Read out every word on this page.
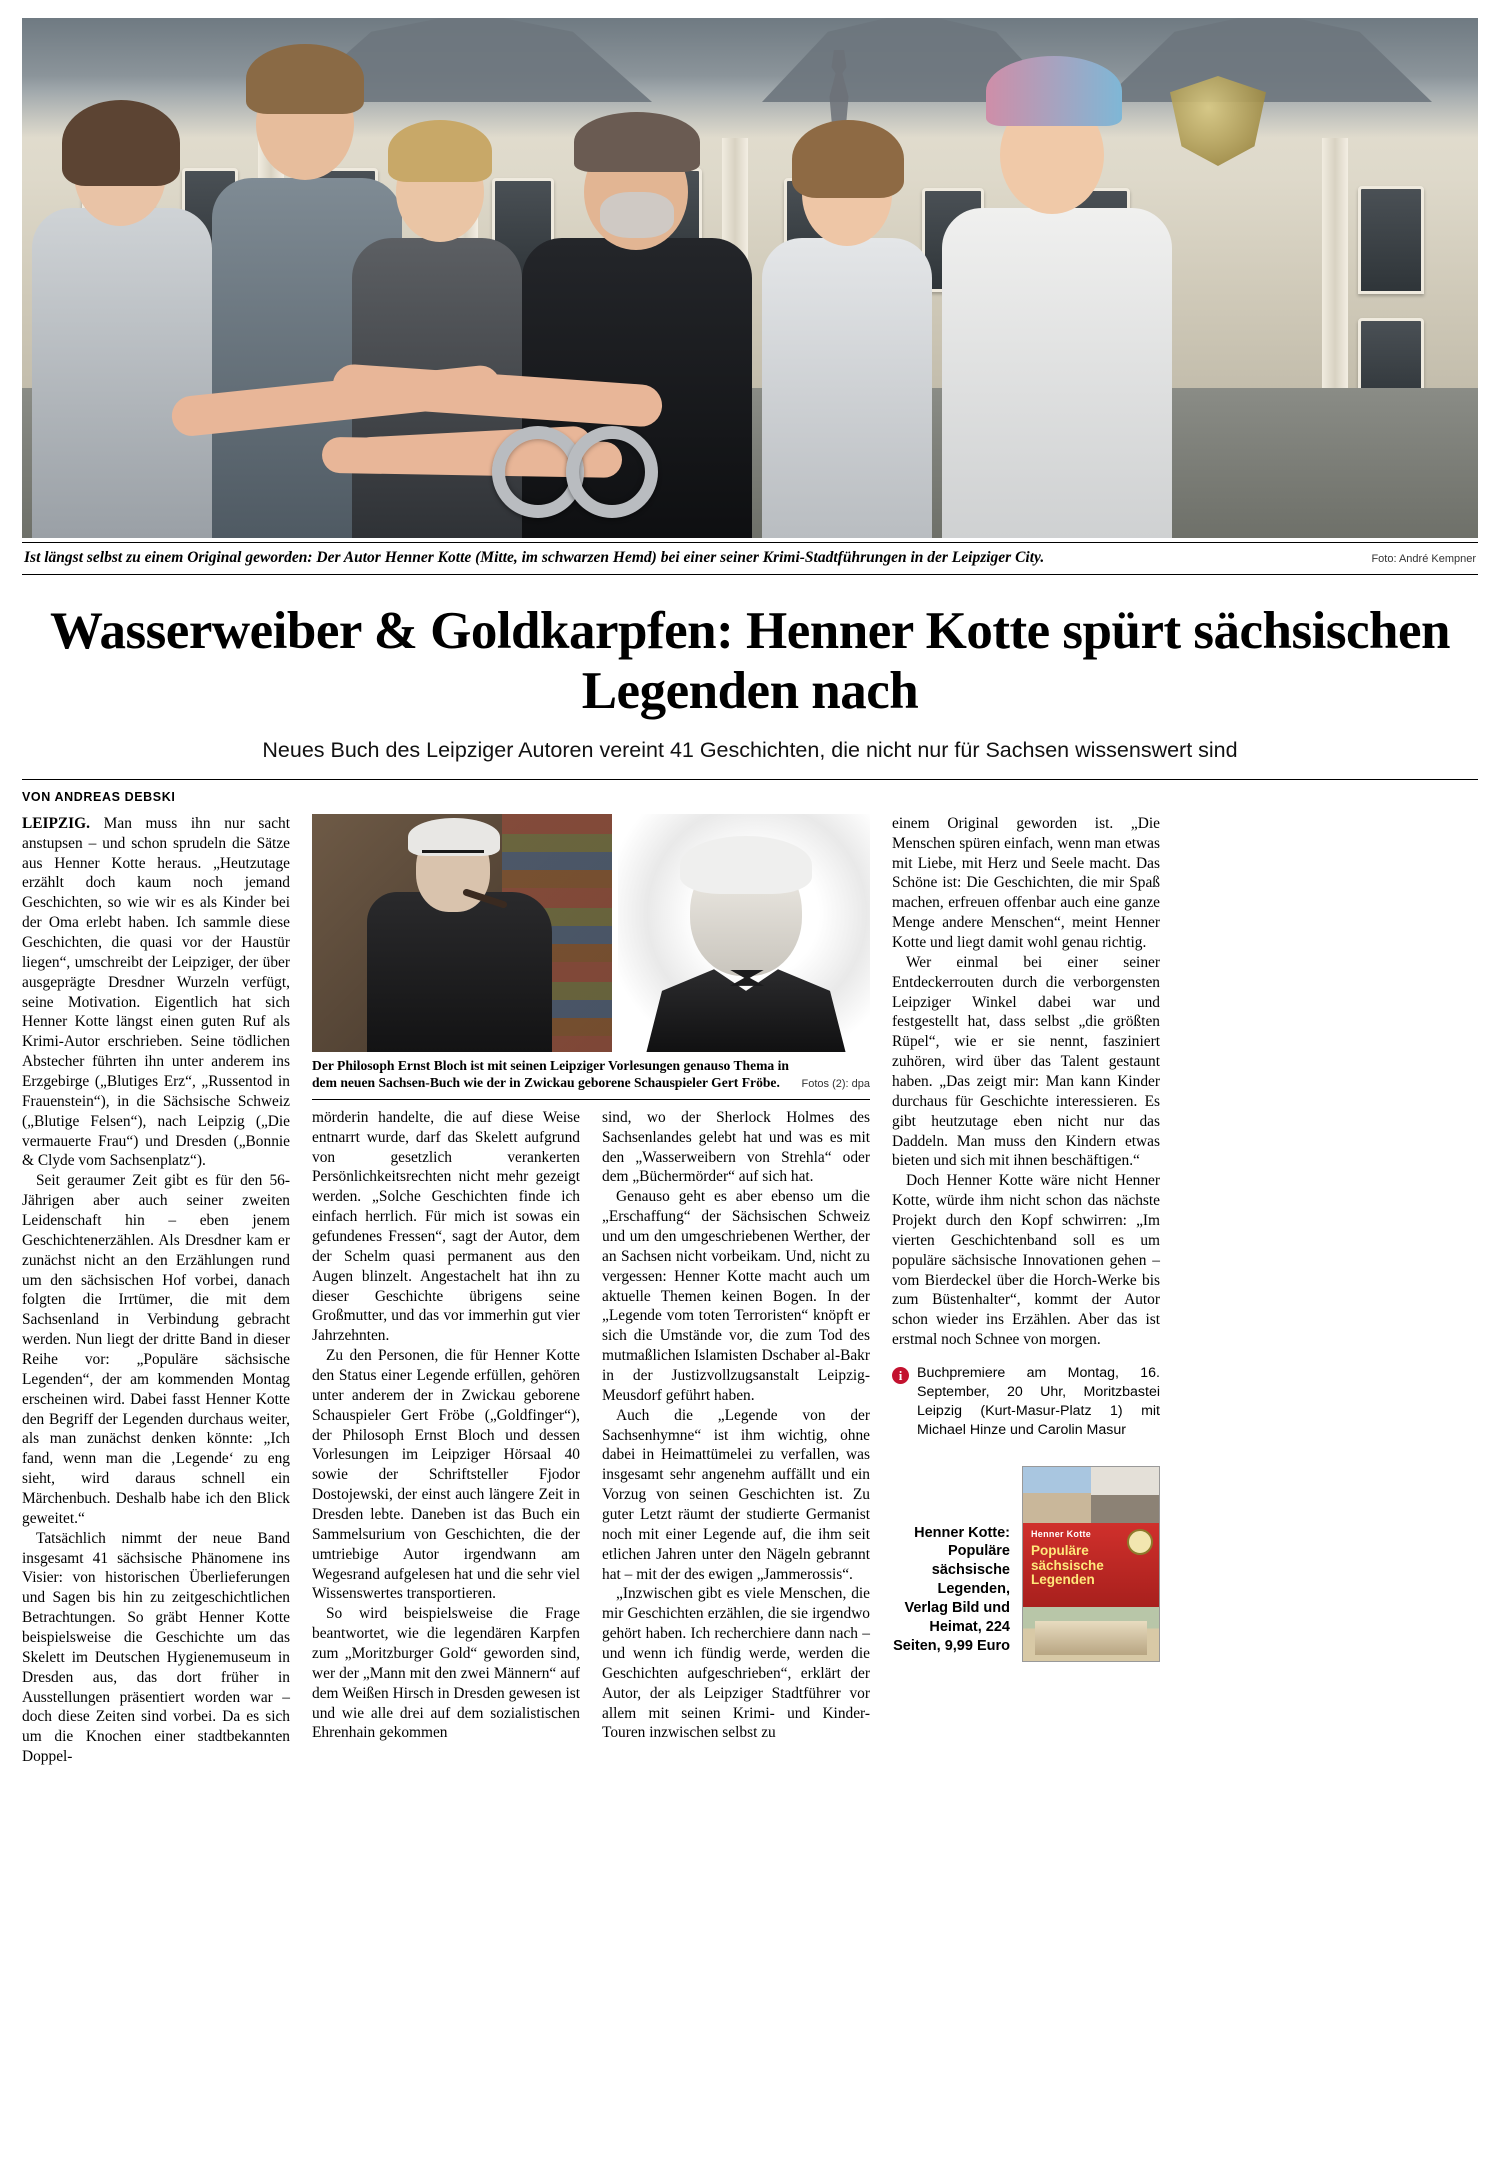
Ist längst selbst zu einem Original geworden: Der Autor Henner Kotte (Mitte, im schwarzen Hemd) bei einer seiner Krimi-Stadtführungen in der Leipziger City.	Foto: André Kempner
Wasserweiber & Goldkarpfen: Henner Kotte spürt sächsischen Legenden nach
Neues Buch des Leipziger Autoren vereint 41 Geschichten, die nicht nur für Sachsen wissenswert sind
VON ANDREAS DEBSKI

LEIPZIG. Man muss ihn nur sacht anstupsen – und schon sprudeln die Sätze aus Henner Kotte heraus. „Heutzutage erzählt doch kaum noch jemand Geschichten, so wie wir es als Kinder bei der Oma erlebt haben. Ich sammle diese Geschichten, die quasi vor der Haustür liegen“, umschreibt der Leipziger, der über ausgeprägte Dresdner Wurzeln verfügt, seine Motivation. Eigentlich hat sich Henner Kotte längst einen guten Ruf als Krimi-Autor erschrieben. Seine tödlichen Abstecher führten ihn unter anderem ins Erzgebirge („Blutiges Erz“, „Russentod in Frauenstein“), in die Sächsische Schweiz („Blutige Felsen“), nach Leipzig („Die vermauerte Frau“) und Dresden („Bonnie & Clyde vom Sachsenplatz“).

Seit geraumer Zeit gibt es für den 56-Jährigen aber auch seiner zweiten Leidenschaft hin – eben jenem Geschichtenerzählen. Als Dresdner kam er zunächst nicht an den Erzählungen rund um den sächsischen Hof vorbei, danach folgten die Irrtümer, die mit dem Sachsenland in Verbindung gebracht werden. Nun liegt der dritte Band in dieser Reihe vor: „Populäre sächsische Legenden“, der am kommenden Montag erscheinen wird. Dabei fasst Henner Kotte den Begriff der Legenden durchaus weiter, als man zunächst denken könnte: „Ich fand, wenn man die ‚Legende‘ zu eng sieht, wird daraus schnell ein Märchenbuch. Deshalb habe ich den Blick geweitet.“

Tatsächlich nimmt der neue Band insgesamt 41 sächsische Phänomene ins Visier: von historischen Überlieferungen und Sagen bis hin zu zeitgeschichtlichen Betrachtungen. So gräbt Henner Kotte beispielsweise die Geschichte um das Skelett im Deutschen Hygienemuseum in Dresden aus, das dort früher in Ausstellungen präsentiert worden war – doch diese Zeiten sind vorbei. Da es sich um die Knochen einer stadtbekannten Doppel-

Der Philosoph Ernst Bloch ist mit seinen Leipziger Vorlesungen genauso Thema in dem neuen Sachsen-Buch wie der in Zwickau geborene Schauspieler Gert Fröbe.	Fotos (2): dpa

mörderin handelte, die auf diese Weise entnarrt wurde, darf das Skelett aufgrund von gesetzlich verankerten Persönlichkeitsrechten nicht mehr gezeigt werden. „Solche Geschichten finde ich einfach herrlich. Für mich ist sowas ein gefundenes Fressen“, sagt der Autor, dem der Schelm quasi permanent aus den Augen blinzelt. Angestachelt hat ihn zu dieser Geschichte übrigens seine Großmutter, und das vor immerhin gut vier Jahrzehnten.

Zu den Personen, die für Henner Kotte den Status einer Legende erfüllen, gehören unter anderem der in Zwickau geborene Schauspieler Gert Fröbe („Goldfinger“), der Philosoph Ernst Bloch und dessen Vorlesungen im Leipziger Hörsaal 40 sowie der Schriftsteller Fjodor Dostojewski, der einst auch längere Zeit in Dresden lebte. Daneben ist das Buch ein Sammelsurium von Geschichten, die der umtriebige Autor irgendwann am Wegesrand aufgelesen hat und die sehr viel Wissenswertes transportieren.

So wird beispielsweise die Frage beantwortet, wie die legendären Karpfen zum „Moritzburger Gold“ geworden sind, wer der „Mann mit den zwei Männern“ auf dem Weißen Hirsch in Dresden gewesen ist und wie alle drei auf dem sozialistischen Ehrenhain gekommen

sind, wo der Sherlock Holmes des Sachsenlandes gelebt hat und was es mit den „Wasserweibern von Strehla“ oder dem „Büchermörder“ auf sich hat.

Genauso geht es aber ebenso um die „Erschaffung“ der Sächsischen Schweiz und um den umgeschriebenen Werther, der an Sachsen nicht vorbeikam. Und, nicht zu vergessen: Henner Kotte macht auch um aktuelle Themen keinen Bogen. In der „Legende vom toten Terroristen“ knöpft er sich die Umstände vor, die zum Tod des mutmaßlichen Islamisten Dschaber al-Bakr in der Justizvollzugsanstalt Leipzig-Meusdorf geführt haben.

Auch die „Legende von der Sachsenhymne“ ist ihm wichtig, ohne dabei in Heimattümelei zu verfallen, was insgesamt sehr angenehm auffällt und ein Vorzug von seinen Geschichten ist. Zu guter Letzt räumt der studierte Germanist noch mit einer Legende auf, die ihm seit etlichen Jahren unter den Nägeln gebrannt hat – mit der des ewigen „Jammerossis“.

„Inzwischen gibt es viele Menschen, die mir Geschichten erzählen, die sie irgendwo gehört haben. Ich recherchiere dann nach – und wenn ich fündig werde, werden die Geschichten aufgeschrieben“, erklärt der Autor, der als Leipziger Stadtführer vor allem mit seinen Krimi- und Kinder-Touren inzwischen selbst zu

einem Original geworden ist. „Die Menschen spüren einfach, wenn man etwas mit Liebe, mit Herz und Seele macht. Das Schöne ist: Die Geschichten, die mir Spaß machen, erfreuen offenbar auch eine ganze Menge andere Menschen“, meint Henner Kotte und liegt damit wohl genau richtig.

Wer einmal bei einer seiner Entdeckerrouten durch die verborgensten Leipziger Winkel dabei war und festgestellt hat, dass selbst „die größten Rüpel“, wie er sie nennt, fasziniert zuhören, wird über das Talent gestaunt haben. „Das zeigt mir: Man kann Kinder durchaus für Geschichte interessieren. Es gibt heutzutage eben nicht nur das Daddeln. Man muss den Kindern etwas bieten und sich mit ihnen beschäftigen.“

Doch Henner Kotte wäre nicht Henner Kotte, würde ihm nicht schon das nächste Projekt durch den Kopf schwirren: „Im vierten Geschichtenband soll es um populäre sächsische Innovationen gehen – vom Bierdeckel über die Horch-Werke bis zum Büstenhalter“, kommt der Autor schon wieder ins Erzählen. Aber das ist erstmal noch Schnee von morgen.

i	Buchpremiere am Montag, 16. September, 20 Uhr, Moritzbastei Leipzig (Kurt-Masur-Platz 1) mit Michael Hinze und Carolin Masur
Henner Kotte: Populäre sächsische Legenden, Verlag Bild und Heimat, 224 Seiten, 9,99 Euro
Henner Kotte
Populäre sächsische Legenden
